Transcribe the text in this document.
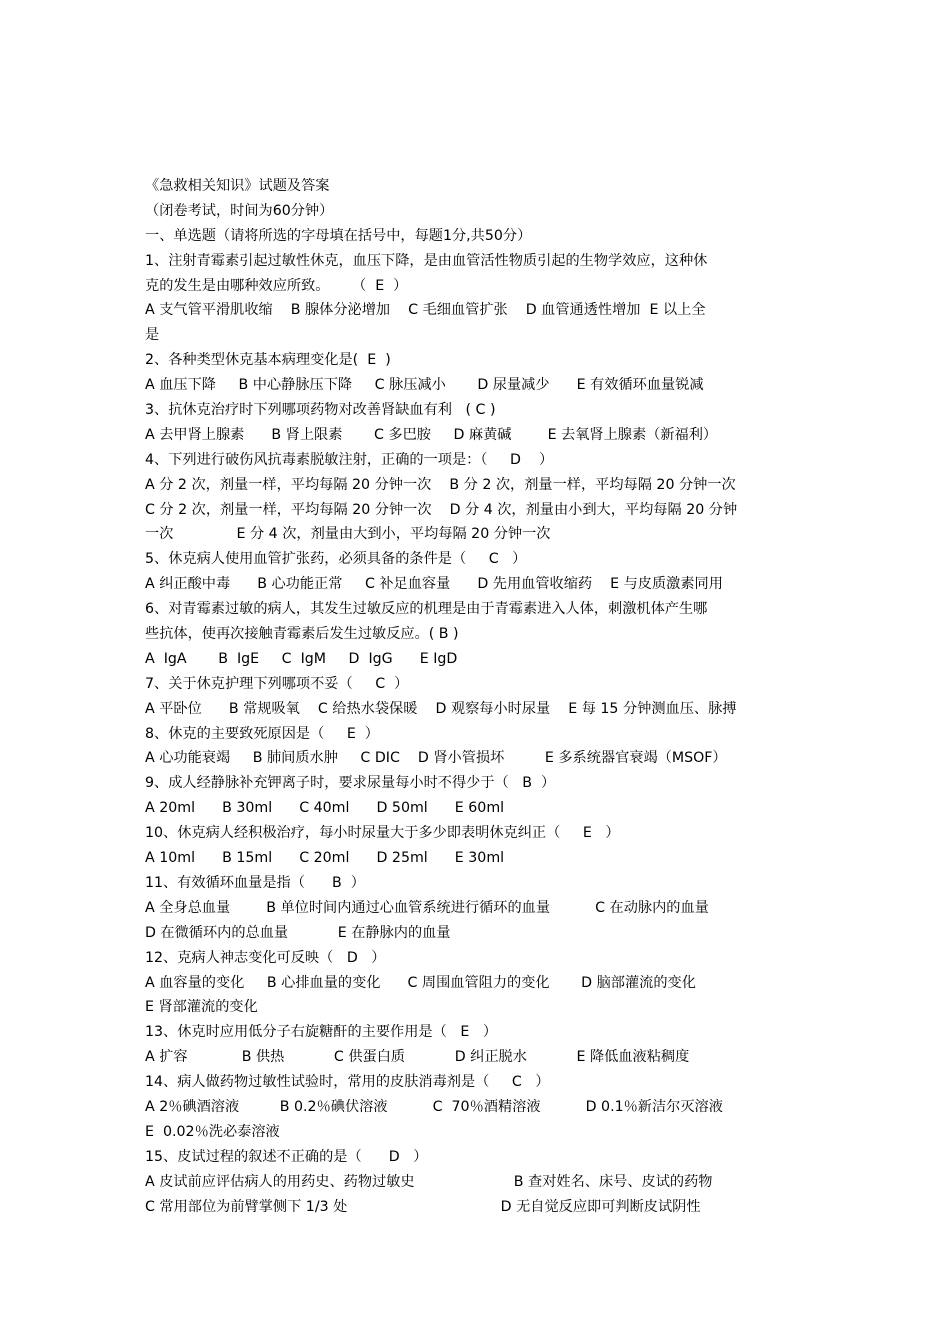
《急救相关知识》试题及答案
（闭卷考试，时间为60分钟）
一、单选题（请将所选的字母填在括号中，每题1分,共50分）
1、注射青霉素引起过敏性休克，血压下降，是由血管活性物质引起的生物学效应，这种休
克的发生是由哪种效应所致。     （  E  ）
A 支气管平滑肌收缩    B 腺体分泌增加    C 毛细血管扩张    D 血管通透性增加  E 以上全
是
2、各种类型休克基本病理变化是(  E  )
A 血压下降     B 中心静脉压下降     C 脉压减小       D 尿量减少      E 有效循环血量锐减
3、抗休克治疗时下列哪项药物对改善肾缺血有利   ( C )
A 去甲肾上腺素      B 肾上限素       C 多巴胺     D 麻黄碱        E 去氧肾上腺素（新福利）
4、下列进行破伤风抗毒素脱敏注射，正确的一项是：（     D    ）
A 分 2 次，剂量一样，平均每隔 20 分钟一次    B 分 2 次，剂量一样，平均每隔 20 分钟一次
C 分 2 次，剂量一样，平均每隔 20 分钟一次    D 分 4 次，剂量由小到大，平均每隔 20 分钟
一次              E 分 4 次，剂量由大到小，平均每隔 20 分钟一次
5、休克病人使用血管扩张药，必须具备的条件是（     C   ）
A 纠正酸中毒      B 心功能正常     C 补足血容量      D 先用血管收缩药    E 与皮质激素同用
6、对青霉素过敏的病人，其发生过敏反应的机理是由于青霉素进入人体，刺激机体产生哪
些抗体，使再次接触青霉素后发生过敏反应。( B )
A  IgA       B  IgE     C  IgM     D  IgG      E IgD
7、关于休克护理下列哪项不妥（     C  ）
A 平卧位      B 常规吸氧    C 给热水袋保暖    D 观察每小时尿量    E 每 15 分钟测血压、脉搏
8、休克的主要致死原因是（     E  ）
A 心功能衰竭     B 肺间质水肿     C DIC    D 肾小管损坏         E 多系统器官衰竭（MSOF）
9、成人经静脉补充钾离子时，要求尿量每小时不得少于（   B  ）
A 20ml      B 30ml      C 40ml      D 50ml      E 60ml
10、休克病人经积极治疗，每小时尿量大于多少即表明休克纠正（     E   ）
A 10ml      B 15ml      C 20ml      D 25ml      E 30ml
11、有效循环血量是指（      B  ）
A 全身总血量        B 单位时间内通过心血管系统进行循环的血量          C 在动脉内的血量
D 在微循环内的总血量           E 在静脉内的血量
12、克病人神志变化可反映（   D   ）
A 血容量的变化     B 心排血量的变化      C 周围血管阻力的变化       D 脑部灌流的变化
E 肾部灌流的变化
13、休克时应用低分子右旋糖酐的主要作用是（   E   ）
A 扩容            B 供热           C 供蛋白质           D 纠正脱水           E 降低血液粘稠度
14、病人做药物过敏性试验时，常用的皮肤消毒剂是（     C   ）
A 2％碘酒溶液         B 0.2％碘伏溶液          C  70％酒精溶液          D 0.1％新洁尔灭溶液
E  0.02％洗必泰溶液
15、皮试过程的叙述不正确的是（      D   ）
A 皮试前应评估病人的用药史、药物过敏史                      B 查对姓名、床号、皮试的药物
C 常用部位为前臂掌侧下 1/3 处                                  D 无自觉反应即可判断皮试阴性
